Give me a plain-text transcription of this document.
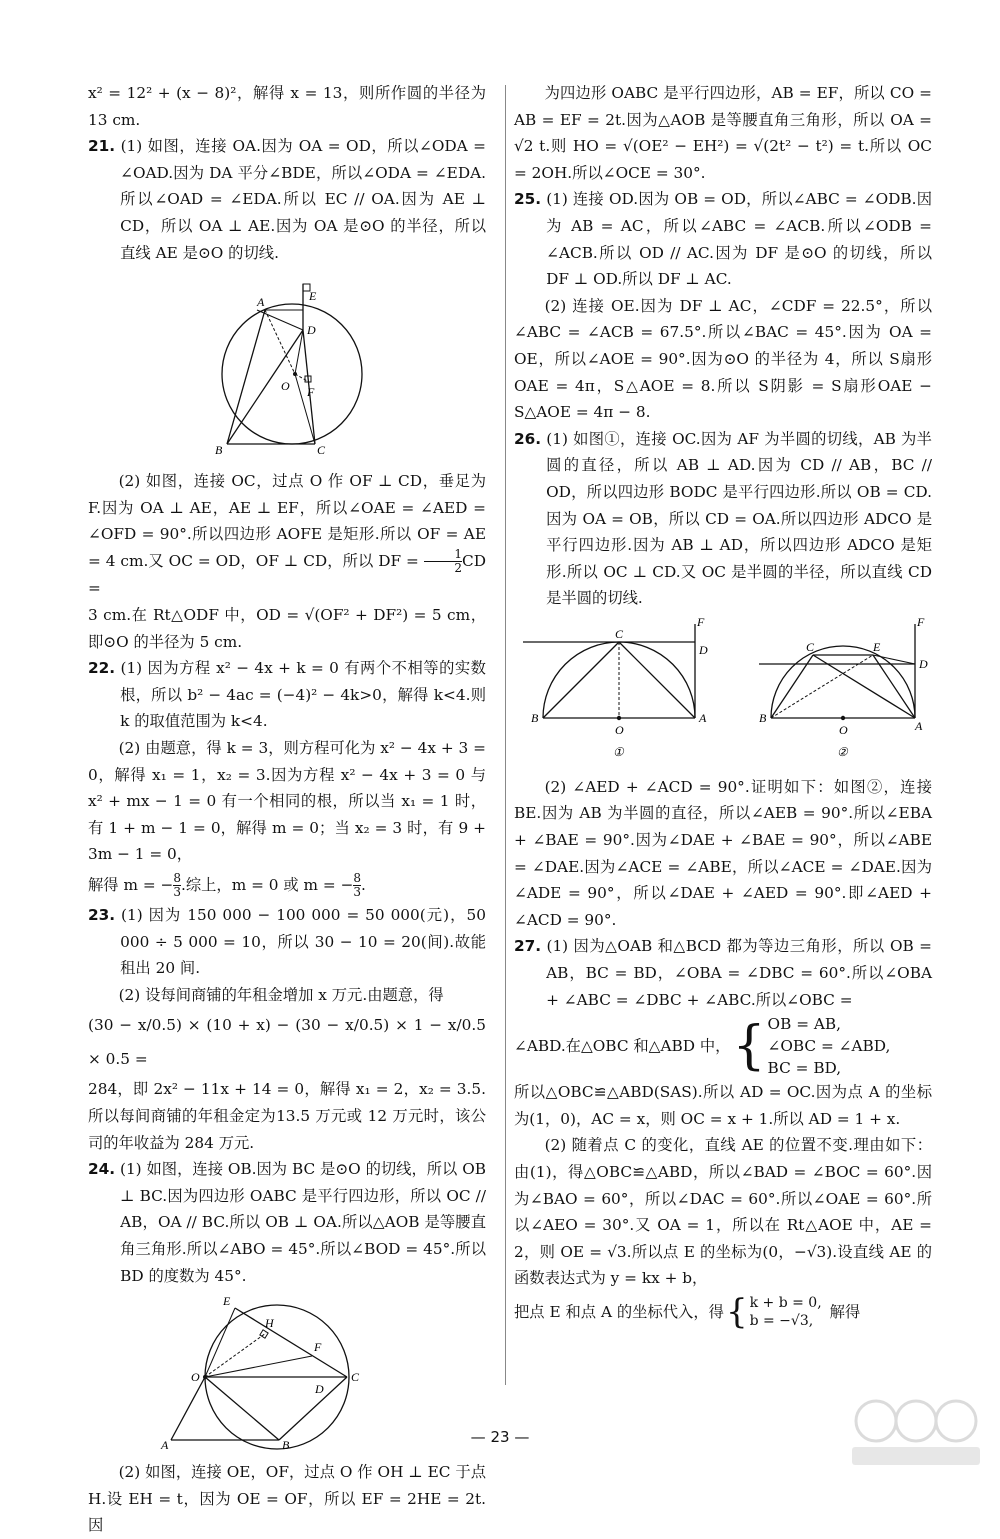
x² = 12² + (x − 8)²，解得 x = 13，则所作圆的半径为 13 cm.

21. (1) 如图，连接 OA.因为 OA = OD，所以∠ODA = ∠OAD.因为 DA 平分∠BDE，所以∠ODA = ∠EDA.所以∠OAD = ∠EDA.所以 EC // OA.因为 AE ⊥ CD，所以 OA ⊥ AE.因为 OA 是⊙O 的半径，所以直线 AE 是⊙O 的切线.

A	E
D
O F
B	C

(2) 如图，连接 OC，过点 O 作 OF ⊥ CD，垂足为 F.因为 OA ⊥ AE，AE ⊥ EF，所以∠OAE = ∠AED = ∠OFD = 90°.所以四边形 AOFE 是矩形.所以 OF = AE = 4 cm.又 OC = OD，OF ⊥ CD，所以 DF = $\frac{1}{2}$ CD =

3 cm.在 Rt△ODF 中，OD = √(OF² + DF²) = 5 cm，即⊙O 的半径为 5 cm.

22. (1) 因为方程 x² − 4x + k = 0 有两个不相等的实数根，所以 b² − 4ac = (−4)² − 4k>0，解得 k<4.则 k 的取值范围为 k<4.

(2) 由题意，得 k = 3，则方程可化为 x² − 4x + 3 = 0，解得 x₁ = 1，x₂ = 3.因为方程 x² − 4x + 3 = 0 与 x² + mx − 1 = 0 有一个相同的根，所以当 x₁ = 1 时，有 1 + m − 1 = 0，解得 m = 0；当 x₂ = 3 时，有 9 + 3m − 1 = 0，

解得 m = − $\frac{8}{3}$ .综上，m = 0 或 m = − $\frac{8}{3}$ .

23. (1) 因为 150 000 − 100 000 = 50 000(元)，50 000 ÷ 5 000 = 10，所以 30 − 10 = 20(间).故能租出 20 间.

(2) 设每间商铺的年租金增加 x 万元.由题意，得

(30 − x/0.5) × (10 + x) − (30 − x/0.5) × 1 − x/0.5 × 0.5 =

284，即 2x² − 11x + 14 = 0，解得 x₁ = 2，x₂ = 3.5.所以每间商铺的年租金定为13.5 万元或 12 万元时，该公司的年收益为 284 万元.

24. (1) 如图，连接 OB.因为 BC 是⊙O 的切线，所以 OB ⊥ BC.因为四边形 OABC 是平行四边形，所以 OC // AB，OA // BC.所以 OB ⊥ OA.所以△AOB 是等腰直角三角形.所以∠ABO = 45°.所以∠BOD = 45°.所以 BD 的度数为 45°.

E
H
F
O
D
C
A	B

(2) 如图，连接 OE，OF，过点 O 作 OH ⊥ EC 于点 H.设 EH = t，因为 OE = OF，所以 EF = 2HE = 2t.因

为四边形 OABC 是平行四边形，AB = EF，所以 CO = AB = EF = 2t.因为△AOB 是等腰直角三角形，所以 OA = √2 t.则 HO = √(OE² − EH²) = √(2t² − t²) = t.所以 OC = 2OH.所以∠OCE = 30°.

25. (1) 连接 OD.因为 OB = OD，所以∠ABC = ∠ODB.因为 AB = AC，所以∠ABC = ∠ACB.所以∠ODB = ∠ACB.所以 OD // AC.因为 DF 是⊙O 的切线，所以 DF ⊥ OD.所以 DF ⊥ AC.

(2) 连接 OE.因为 DF ⊥ AC，∠CDF = 22.5°，所以∠ABC = ∠ACB = 67.5°.所以∠BAC = 45°.因为 OA = OE，所以∠AOE = 90°.因为⊙O 的半径为 4，所以 S扇形OAE = 4π，S△AOE = 8.所以 S阴影 = S扇形OAE − S△AOE = 4π − 8.

26. (1) 如图①，连接 OC.因为 AF 为半圆的切线，AB 为半圆的直径，所以 AB ⊥ AD.因为 CD // AB，BC // OD，所以四边形 BODC 是平行四边形.所以 OB = CD.因为 OA = OB，所以 CD = OA.所以四边形 ADCO 是平行四边形.因为 AB ⊥ AD，所以四边形 ADCO 是矩形.所以 OC ⊥ CD.又 OC 是半圆的半径，所以直线 CD 是半圆的切线.

F
C
D
B
O
A
①
F
C	E
D
B
O	A
②

(2) ∠AED + ∠ACD = 90°.证明如下：如图②，连接 BE.因为 AB 为半圆的直径，所以∠AEB = 90°.所以∠EBA + ∠BAE = 90°.因为∠DAE + ∠BAE = 90°，所以∠ABE = ∠DAE.因为∠ACE = ∠ABE，所以∠ACE = ∠DAE.因为∠ADE = 90°，所以∠DAE + ∠AED = 90°.即∠AED + ∠ACD = 90°.

27. (1) 因为△OAB 和△BCD 都为等边三角形，所以 OB = AB，BC = BD，∠OBA = ∠DBC = 60°.所以∠OBA + ∠ABC = ∠DBC + ∠ABC.所以∠OBC =

∠ABD.在△OBC 和△ABD 中， { OB = AB,
∠OBC = ∠ABD,
BC = BD,

所以△OBC≌△ABD(SAS).所以 AD = OC.因为点 A 的坐标为(1，0)，AC = x，则 OC = x + 1.所以 AD = 1 + x.

(2) 随着点 C 的变化，直线 AE 的位置不变.理由如下：由(1)，得△OBC≌△ABD，所以∠BAD = ∠BOC = 60°.因为∠BAO = 60°，所以∠DAC = 60°.所以∠OAE = 60°.所以∠AEO = 30°.又 OA = 1，所以在 Rt△AOE 中，AE = 2，则 OE = √3.所以点 E 的坐标为(0，−√3).设直线 AE 的函数表达式为 y = kx + b，

把点 E 和点 A 的坐标代入，得 { k + b = 0,
b = −√3,
解得
— 23 —
